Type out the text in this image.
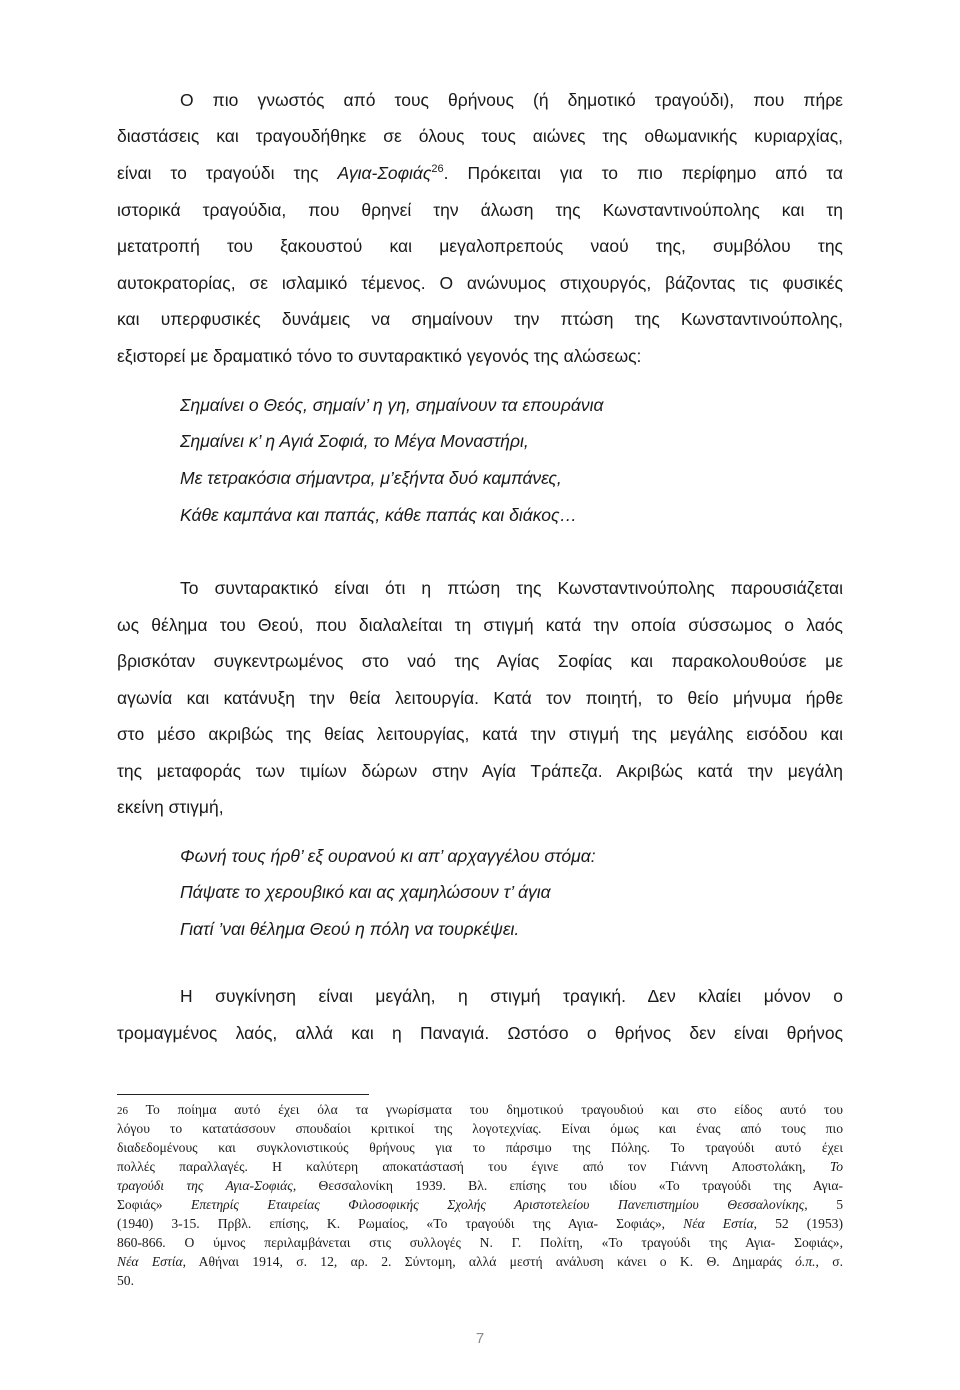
Ο πιο γνωστός από τους θρήνους (ή δημοτικό τραγούδι), που πήρε
διαστάσεις και τραγουδήθηκε σε όλους τους αιώνες της οθωμανικής κυριαρχίας,
είναι το τραγούδι της Αγια-Σοφιάς$^{26}$. Πρόκειται για το πιο περίφημο από τα
ιστορικά τραγούδια, που θρηνεί την άλωση της Κωνσταντινούπολης και τη
μετατροπή του ξακουστού και μεγαλοπρεπούς ναού της, συμβόλου της
αυτοκρατορίας, σε ισλαμικό τέμενος. Ο ανώνυμος στιχουργός, βάζοντας τις φυσικές
και υπερφυσικές δυνάμεις να σημαίνουν την πτώση της Κωνσταντινούπολης,
εξιστορεί με δραματικό τόνο το συνταρακτικό γεγονός της αλώσεως:
Σημαίνει ο Θεός, σημαίν’ η γη, σημαίνουν τα επουράνια
Σημαίνει κ’ η Αγιά Σοφιά, το Μέγα Μοναστήρι,
Με τετρακόσια σήμαντρα, μ’εξήντα δυό καμπάνες,
Κάθε καμπάνα και παπάς, κάθε παπάς και διάκος…
Το συνταρακτικό είναι ότι η πτώση της Κωνσταντινούπολης παρουσιάζεται
ως θέλημα του Θεού, που διαλαλείται τη στιγμή κατά την οποία σύσσωμος ο λαός
βρισκόταν συγκεντρωμένος στο ναό της Αγίας Σοφίας και παρακολουθούσε με
αγωνία και κατάνυξη την θεία λειτουργία. Κατά τον ποιητή, το θείο μήνυμα ήρθε
στο μέσο ακριβώς της θείας λειτουργίας, κατά την στιγμή της μεγάλης εισόδου και
της μεταφοράς των τιμίων δώρων στην Αγία Τράπεζα. Ακριβώς κατά την μεγάλη
εκείνη στιγμή,
Φωνή τους ήρθ’ εξ ουρανού κι απ’ αρχαγγέλου στόμα:
Πάψατε το χερουβικό και ας χαμηλώσουν τ’ άγια
Γιατί ’ναι θέλημα Θεού η πόλη να τουρκέψει.
Η συγκίνηση είναι μεγάλη, η στιγμή τραγική. Δεν κλαίει μόνον ο
τρομαγμένος λαός, αλλά και η Παναγιά. Ωστόσο ο θρήνος δεν είναι θρήνος
26 Το ποίημα αυτό έχει όλα τα γνωρίσματα του δημοτικού τραγουδιού και στο είδος αυτό του
λόγου το κατατάσσουν σπουδαίοι κριτικοί της λογοτεχνίας. Είναι όμως και ένας από τους πιο
διαδεδομένους και συγκλονιστικούς θρήνους για το πάρσιμο της Πόλης. Το τραγούδι αυτό έχει
πολλές παραλλαγές. Η καλύτερη αποκατάστασή του έγινε από τον Γιάννη Αποστολάκη, Το
τραγούδι της Αγια-Σοφιάς, Θεσσαλονίκη 1939. Βλ. επίσης του ιδίου «Το τραγούδι της Αγια-
Σοφιάς» Επετηρίς Εταιρείας Φιλοσοφικής Σχολής Αριστοτελείου Πανεπιστημίου Θεσσαλονίκης, 5
(1940) 3-15. Πρβλ. επίσης, Κ. Ρωμαίος, «Το τραγούδι της Αγια- Σοφιάς», Νέα Εστία, 52 (1953)
860-866. Ο ύμνος περιλαμβάνεται στις συλλογές Ν. Γ. Πολίτη, «Το τραγούδι της Αγια- Σοφιάς»,
Νέα Εστία, Αθήναι 1914, σ. 12, αρ. 2. Σύντομη, αλλά μεστή ανάλυση κάνει ο Κ. Θ. Δημαράς ό.π., σ.
50.
7
